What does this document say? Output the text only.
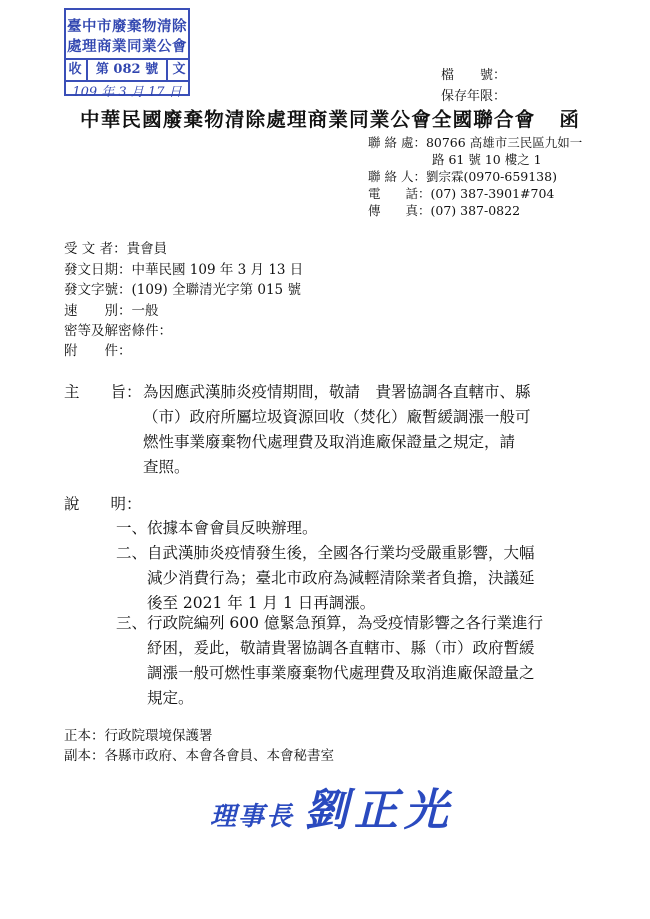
臺中市廢棄物清除
處理商業同業公會
收	第 082 號	文
109 年 3 月 17 日
檔　　號：
保存年限：
中華民國廢棄物清除處理商業同業公會全國聯合會 函
聯 絡 處：80766 高雄市三民區九如一
路 61 號 10 樓之 1
聯 絡 人：劉宗霖(0970-659138)
電　　話：(07) 387-3901#704
傳　　真：(07) 387-0822
受 文 者：貴會員
發文日期：中華民國 109 年 3 月 13 日
發文字號：(109) 全聯清光字第 015 號
速　　別：一般
密等及解密條件：
附　　件：
主　　旨： 為因應武漢肺炎疫情期間，敬請　貴署協調各直轄市、縣
（市）政府所屬垃圾資源回收（焚化）廠暫緩調漲一般可
燃性事業廢棄物代處理費及取消進廠保證量之規定，請
查照。
說　　明：
一、依據本會會員反映辦理。
二、 自武漢肺炎疫情發生後，全國各行業均受嚴重影響，大幅
減少消費行為；臺北市政府為減輕清除業者負擔，決議延
後至 2021 年 1 月 1 日再調漲。
三、 行政院編列 600 億緊急預算，為受疫情影響之各行業進行
紓困，爰此，敬請貴署協調各直轄市、縣（市）政府暫緩
調漲一般可燃性事業廢棄物代處理費及取消進廠保證量之
規定。
正本：行政院環境保護署
副本：各縣市政府、本會各會員、本會秘書室
理事長 劉正光
